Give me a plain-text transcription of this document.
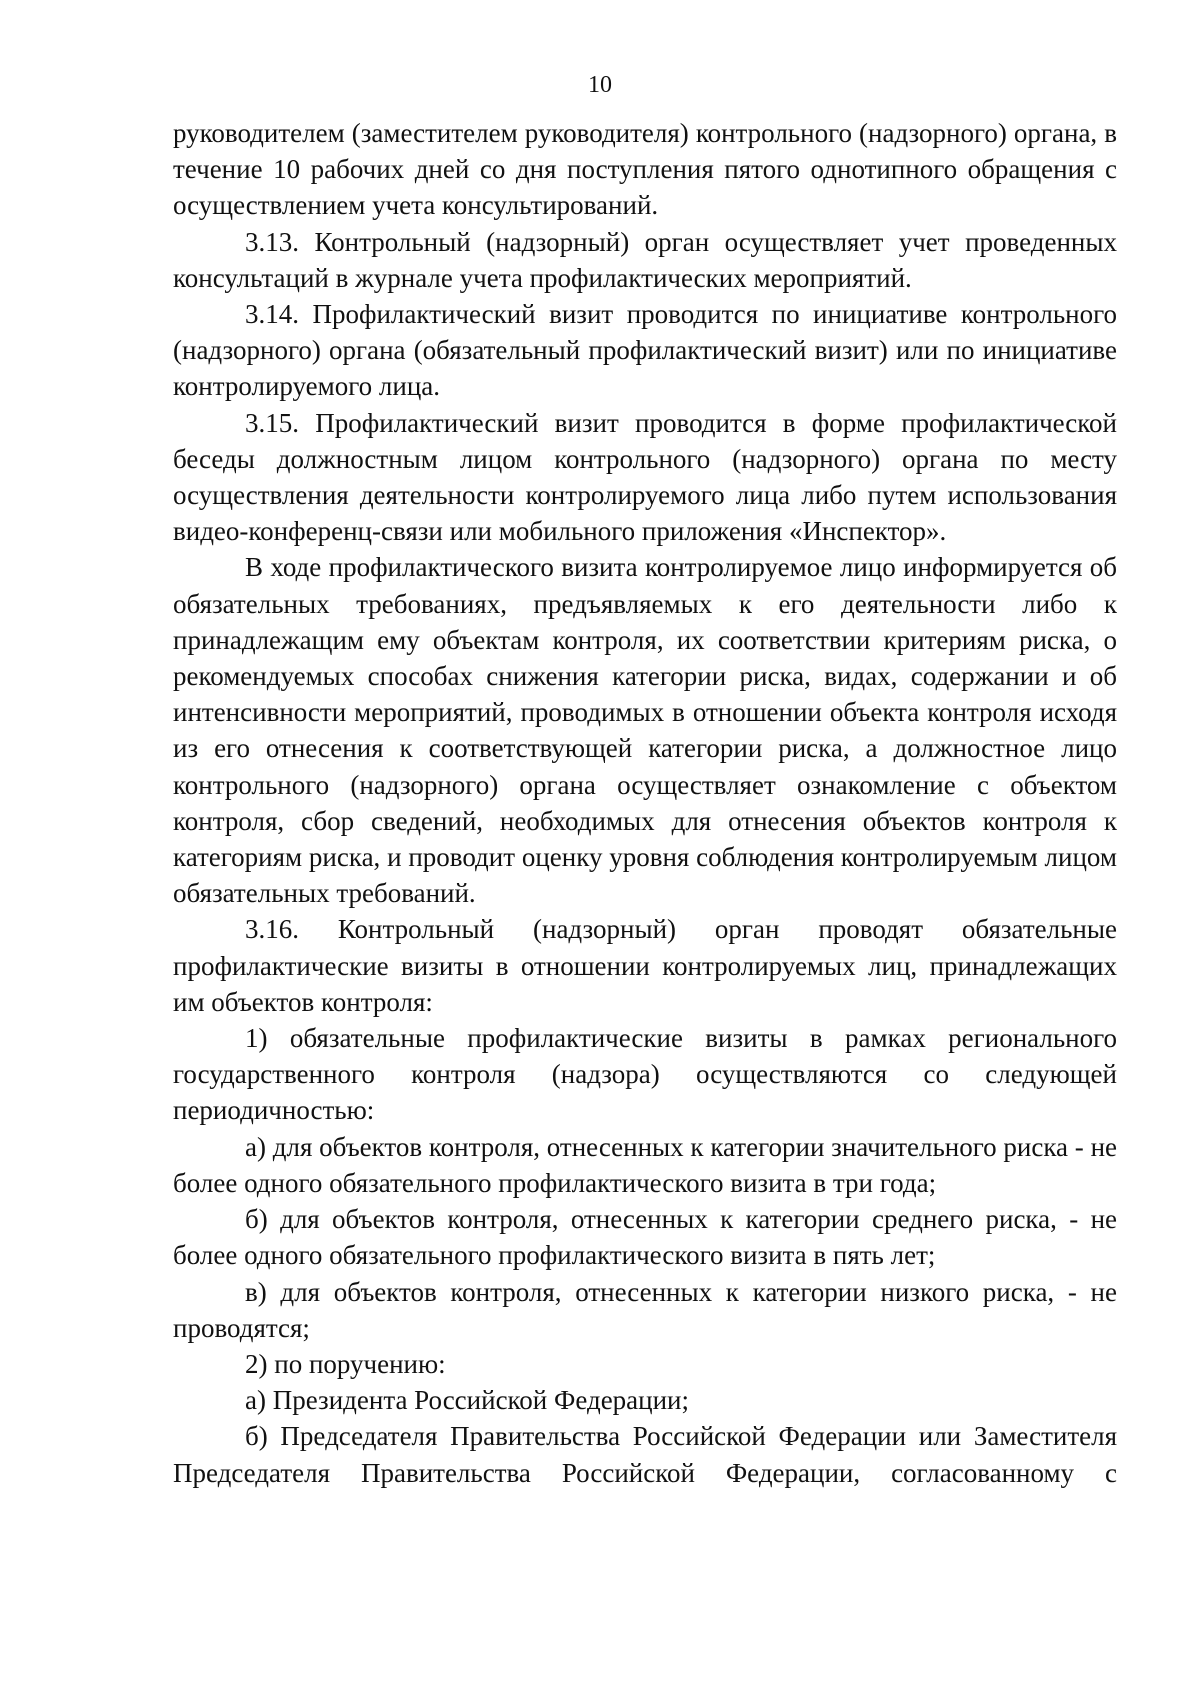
10

руководителем (заместителем руководителя) контрольного (надзорного) органа, в течение 10 рабочих дней со дня поступления пятого однотипного обращения с осуществлением учета консультирований.

3.13. Контрольный (надзорный) орган осуществляет учет проведенных консультаций в журнале учета профилактических мероприятий.

3.14. Профилактический визит проводится по инициативе контрольного (надзорного) органа (обязательный профилактический визит) или по инициативе контролируемого лица.

3.15. Профилактический визит проводится в форме профилактической беседы должностным лицом контрольного (надзорного) органа по месту осуществления деятельности контролируемого лица либо путем использования видео-конференц-связи или мобильного приложения «Инспектор».

В ходе профилактического визита контролируемое лицо информируется об обязательных требованиях, предъявляемых к его деятельности либо к принадлежащим ему объектам контроля, их соответствии критериям риска, о рекомендуемых способах снижения категории риска, видах, содержании и об интенсивности мероприятий, проводимых в отношении объекта контроля исходя из его отнесения к соответствующей категории риска, а должностное лицо контрольного (надзорного) органа осуществляет ознакомление с объектом контроля, сбор сведений, необходимых для отнесения объектов контроля к категориям риска, и проводит оценку уровня соблюдения контролируемым лицом обязательных требований.

3.16. Контрольный (надзорный) орган проводят обязательные профилактические визиты в отношении контролируемых лиц, принадлежащих им объектов контроля:

1) обязательные профилактические визиты в рамках регионального государственного контроля (надзора) осуществляются со следующей периодичностью:

а) для объектов контроля, отнесенных к категории значительного риска - не более одного обязательного профилактического визита в три года;

б) для объектов контроля, отнесенных к категории среднего риска, - не более одного обязательного профилактического визита в пять лет;

в) для объектов контроля, отнесенных к категории низкого риска, - не проводятся;

2) по поручению:

а) Президента Российской Федерации;

б) Председателя Правительства Российской Федерации или Заместителя Председателя Правительства Российской Федерации, согласованному с
